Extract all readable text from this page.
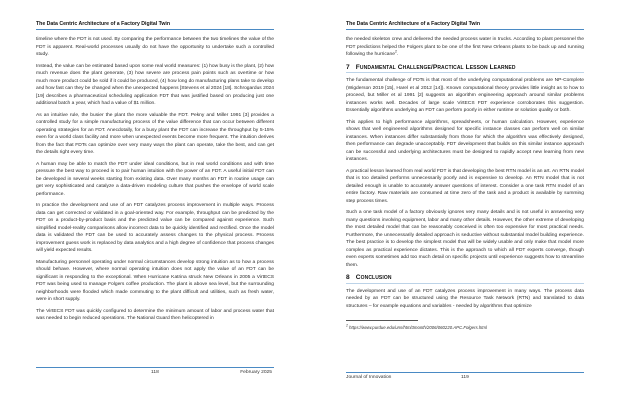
The Data Centric Architecture of a Factory Digital Twin

timeline where the FDT is not used. By comparing the performance between the two timelines the value of the FDT is apparent. Real-world processes usually do not have the opportunity to undertake such a controlled study.

Instead, the value can be estimated based upon some real world measures: (1) how busy is the plant, (2) how much revenue does the plant generate, (3) how severe are process pain points such as overtime or how much more product could be sold if it could be produced, (4) how long do manufacturing plans take to develop and how fast can they be changed when the unexpected happens [Stevens et al 2024 [18]. Schrogardus 2024 [19] describes a pharmaceutical scheduling application FDT that was justified based on producing just one additional batch a year, which had a value of $1 million.

As an intuitive rule, the busier the plant the more valuable the FDT. Pekny and Miller 1991 [3] provides a controlled study for a simple manufacturing process of the value difference that can occur between different operating strategies for an FDT. Anecdotally, for a busy plant the FDT can increase the throughput by 5-15% even for a world class facility and more when unexpected events become more frequent. The intuition derives from the fact that FDTs can optimize over very many ways the plant can operate, take the best, and can get the details right every time.

A human may be able to match the FDT under ideal conditions, but in real world conditions and with time pressure the best way to proceed is to pair human intuition with the power of an FDT. A useful initial FDT can be developed in several weeks starting from existing data. Over many months an FDT in routine usage can get very sophisticated and catalyze a data-driven modeling culture that pushes the envelope of world scale performance.

In practice the development and use of an FDT catalyzes process improvement in multiple ways. Process data can get corrected or validated in a goal-oriented way. For example, throughput can be predicted by the FDT on a product-by-product basis and the predicted value can be compared against experience. Such simplified model-reality comparisons allow incorrect data to be quickly identified and rectified. Once the model data is validated the FDT can be used to accurately assess changes to the physical process. Process improvement guess work is replaced by data analytics and a high degree of confidence that process changes will yield expected results.

Manufacturing personnel operating under normal circumstances develop strong intuition as to how a process should behave. However, where normal operating intuition does not apply the value of an FDT can be significant in responding to the exceptional. When Hurricane Katrina struck New Orleans in 2005 a VirtECS FDT was being used to manage Folgers coffee production. The plant is above sea level, but the surrounding neighborhoods were flooded which made commuting to the plant difficult and utilities, such as fresh water, were in short supply.

The VirtECS FDT was quickly configured to determine the minimum amount of labor and process water that was needed to begin reduced operations. The National Guard then helicoptered in

118	February 2025
The Data Centric Architecture of a Factory Digital Twin

the needed skeleton crew and delivered the needed process water in trucks. According to plant personnel the FDT predictions helped the Folgers plant to be one of the first New Orleans plants to be back up and running following the hurricane$^2$.

7 Fundamental Challenge/Practical Lesson Learned

The fundamental challenge of FDTs is that most of the underlying computational problems are NP-Complete (Wigderson 2019 [15], Harel et al 2012 [14]). Known computational theory provides little insight as to how to proceed, but Miller et al 1991 [2] suggests an algorithm engineering approach around similar problems instances works well. Decades of large scale VirtECS FDT experience corroborates this suggestion. Essentially algorithms underlying an FDT can perform poorly in either runtime or solution quality or both.

This applies to high performance algorithms, spreadsheets, or human calculation. However, experience shows that well engineered algorithms designed for specific instance classes can perform well on similar instances. When instances differ substantially from those for which the algorithm was effectively designed, then performance can degrade unacceptably. FDT development that builds on this similar instance approach can be successful and underlying architectures must be designed to rapidly accept new learning from new instances.

A practical lesson learned from real world FDT is that developing the best RTN model is an art. An RTN model that is too detailed performs unnecessarily poorly and is expensive to develop. An RTN model that is not detailed enough is unable to accurately answer questions of interest. Consider a one task RTN model of an entire factory. Raw materials are consumed at time zero of the task and a product is available by summing step process times.

Such a one task model of a factory obviously ignores very many details and is not useful in answering very many questions involving equipment, labor and many other details. However, the other extreme of developing the most detailed model that can be reasonably conceived is often too expensive for most practical needs. Furthermore, the unnecessarily detailed approach is seductive without substantial model building experience. The best practice is to develop the simplest model that will be widely usable and only make that model more complex as practical experience dictates. This is the approach to which all FDT experts converge, though even experts sometimes add too much detail on specific projects until experience suggests how to streamline them.

8 Conclusion

The development and use of an FDT catalyzes process improvement in many ways. The process data needed by an FDT can be structured using the Resource Task Network (RTN) and translated to data structures – for example equations and variables - needed by algorithms that optimize

$^2$ https://www.purdue.edu/uns/html3month/2006/060220.APC.Folgers.html
Journal of Innovation	119
